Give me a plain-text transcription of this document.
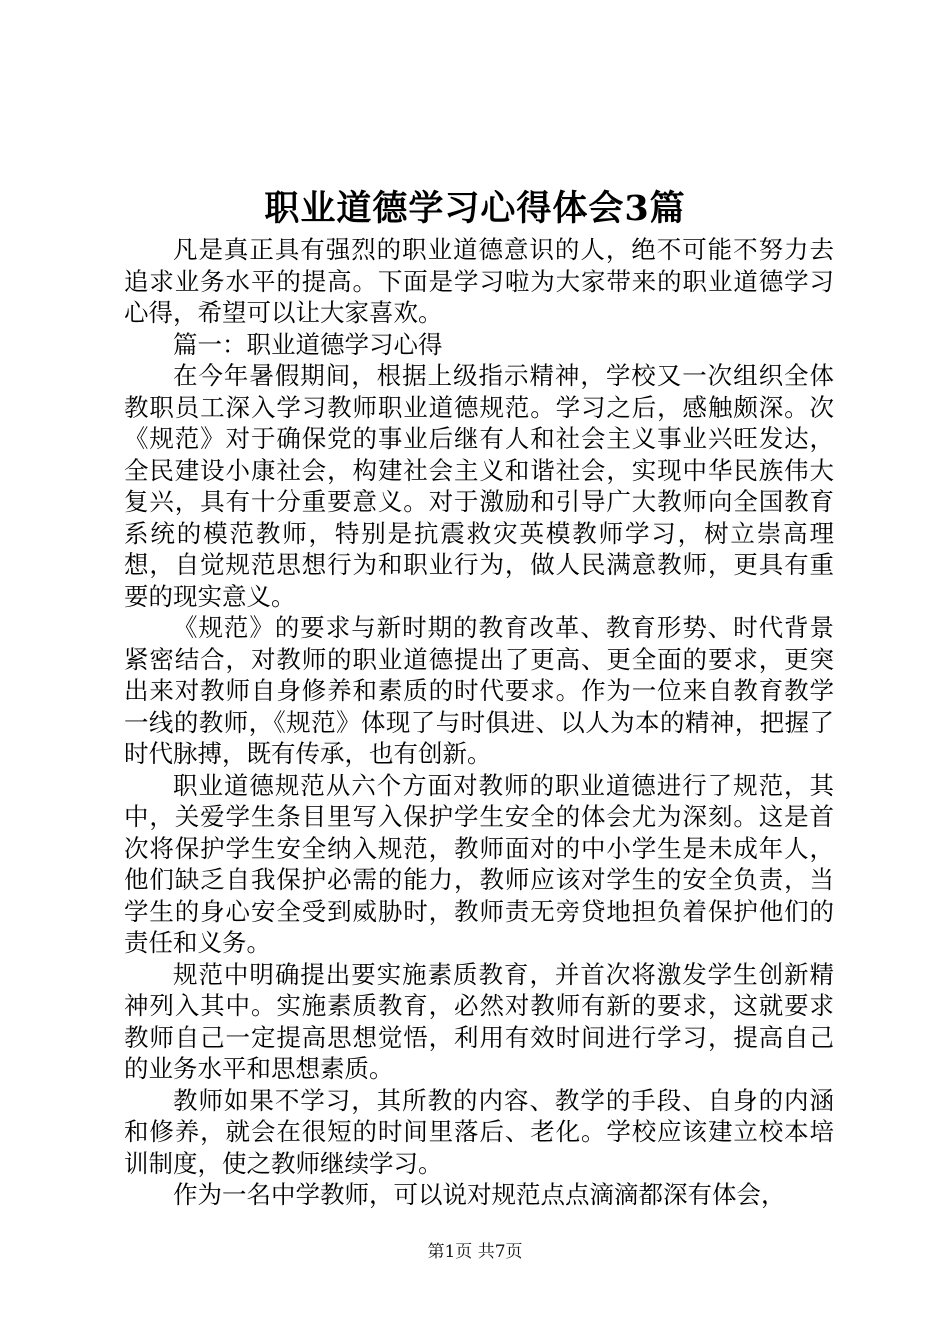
职业道德学习心得体会3篇

凡是真正具有强烈的职业道德意识的人，绝不可能不努力去追求业务水平的提高。下面是学习啦为大家带来的职业道德学习心得，希望可以让大家喜欢。

篇一：职业道德学习心得

在今年暑假期间，根据上级指示精神，学校又一次组织全体教职员工深入学习教师职业道德规范。学习之后，感触颇深。次《规范》对于确保党的事业后继有人和社会主义事业兴旺发达，全民建设小康社会，构建社会主义和谐社会，实现中华民族伟大复兴，具有十分重要意义。对于激励和引导广大教师向全国教育系统的模范教师，特别是抗震救灾英模教师学习，树立崇高理想，自觉规范思想行为和职业行为，做人民满意教师，更具有重要的现实意义。

《规范》的要求与新时期的教育改革、教育形势、时代背景紧密结合，对教师的职业道德提出了更高、更全面的要求，更突出来对教师自身修养和素质的时代要求。作为一位来自教育教学一线的教师，《规范》体现了与时俱进、以人为本的精神，把握了时代脉搏，既有传承，也有创新。

职业道德规范从六个方面对教师的职业道德进行了规范，其中，关爱学生条目里写入保护学生安全的体会尤为深刻。这是首次将保护学生安全纳入规范，教师面对的中小学生是未成年人，他们缺乏自我保护必需的能力，教师应该对学生的安全负责，当学生的身心安全受到威胁时，教师责无旁贷地担负着保护他们的责任和义务。

规范中明确提出要实施素质教育，并首次将激发学生创新精神列入其中。实施素质教育，必然对教师有新的要求，这就要求教师自己一定提高思想觉悟，利用有效时间进行学习，提高自己的业务水平和思想素质。

教师如果不学习，其所教的内容、教学的手段、自身的内涵和修养，就会在很短的时间里落后、老化。学校应该建立校本培训制度，使之教师继续学习。

作为一名中学教师，可以说对规范点点滴滴都深有体会，

第1页 共7页
